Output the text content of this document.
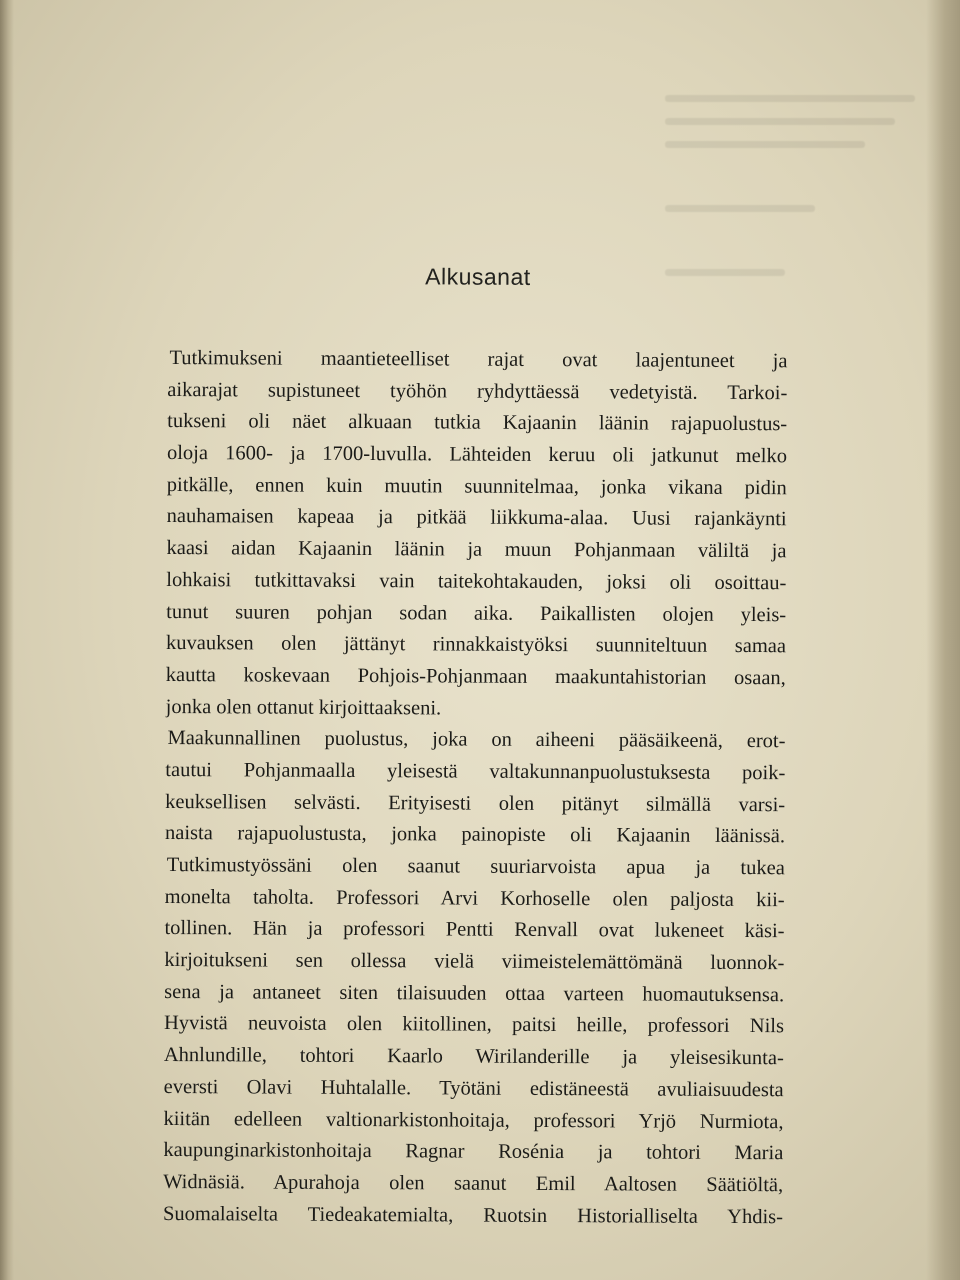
Alkusanat
Tutkimukseni maantieteelliset rajat ovat laajentuneet ja
aikarajat supistuneet työhön ryhdyttäessä vedetyistä. Tarkoi-
tukseni oli näet alkuaan tutkia Kajaanin läänin rajapuolustus-
oloja 1600- ja 1700-luvulla. Lähteiden keruu oli jatkunut melko
pitkälle, ennen kuin muutin suunnitelmaa, jonka vikana pidin
nauhamaisen kapeaa ja pitkää liikkuma-alaa. Uusi rajankäynti
kaasi aidan Kajaanin läänin ja muun Pohjanmaan väliltä ja
lohkaisi tutkittavaksi vain taitekohtakauden, joksi oli osoittau-
tunut suuren pohjan sodan aika. Paikallisten olojen yleis-
kuvauksen olen jättänyt rinnakkaistyöksi suunniteltuun samaa
kautta koskevaan Pohjois-Pohjanmaan maakuntahistorian osaan,
jonka olen ottanut kirjoittaakseni.
Maakunnallinen puolustus, joka on aiheeni pääsäikeenä, erot-
tautui Pohjanmaalla yleisestä valtakunnanpuolustuksesta poik-
keuksellisen selvästi. Erityisesti olen pitänyt silmällä varsi-
naista rajapuolustusta, jonka painopiste oli Kajaanin läänissä.
Tutkimustyössäni olen saanut suuriarvoista apua ja tukea
monelta taholta. Professori Arvi Korhoselle olen paljosta kii-
tollinen. Hän ja professori Pentti Renvall ovat lukeneet käsi-
kirjoitukseni sen ollessa vielä viimeistelemättömänä luonnok-
sena ja antaneet siten tilaisuuden ottaa varteen huomautuksensa.
Hyvistä neuvoista olen kiitollinen, paitsi heille, professori Nils
Ahnlundille, tohtori Kaarlo Wirilanderille ja yleisesikunta-
eversti Olavi Huhtalalle. Työtäni edistäneestä avuliaisuudesta
kiitän edelleen valtionarkistonhoitaja, professori Yrjö Nurmiota,
kaupunginarkistonhoitaja Ragnar Rosénia ja tohtori Maria
Widnäsiä. Apurahoja olen saanut Emil Aaltosen Säätiöltä,
Suomalaiselta Tiedeakatemialta, Ruotsin Historialliselta Yhdis-
